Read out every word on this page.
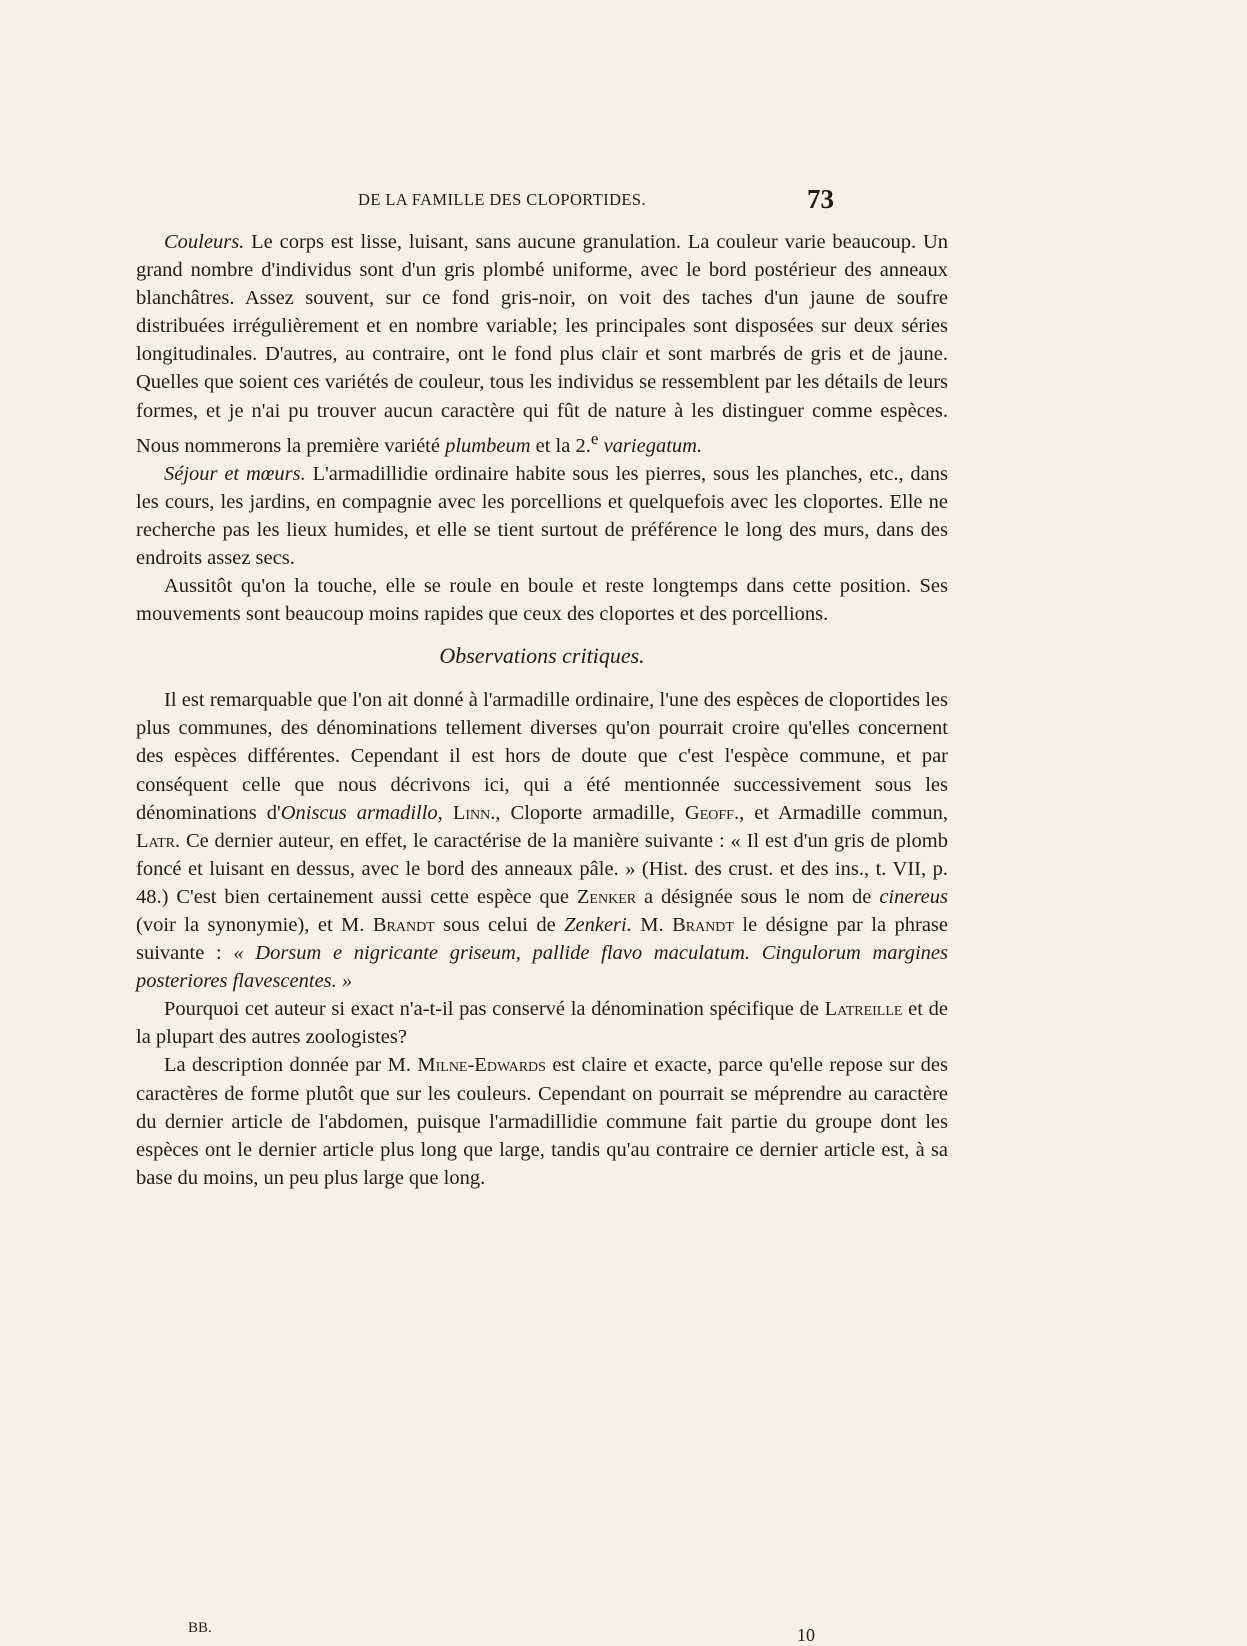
DE LA FAMILLE DES CLOPORTIDES.	73

Couleurs. Le corps est lisse, luisant, sans aucune granulation. La couleur varie beaucoup. Un grand nombre d'individus sont d'un gris plombé uniforme, avec le bord postérieur des anneaux blanchâtres. Assez souvent, sur ce fond gris-noir, on voit des taches d'un jaune de soufre distribuées irrégulièrement et en nombre variable; les principales sont disposées sur deux séries longitudinales. D'autres, au contraire, ont le fond plus clair et sont marbrés de gris et de jaune. Quelles que soient ces variétés de couleur, tous les individus se ressemblent par les détails de leurs formes, et je n'ai pu trouver aucun caractère qui fût de nature à les distinguer comme espèces. Nous nommerons la première variété plumbeum et la 2.$^e$ variegatum.

Séjour et mœurs. L'armadillidie ordinaire habite sous les pierres, sous les planches, etc., dans les cours, les jardins, en compagnie avec les porcellions et quelquefois avec les cloportes. Elle ne recherche pas les lieux humides, et elle se tient surtout de préférence le long des murs, dans des endroits assez secs.

Aussitôt qu'on la touche, elle se roule en boule et reste longtemps dans cette position. Ses mouvements sont beaucoup moins rapides que ceux des cloportes et des porcellions.

Observations critiques.

Il est remarquable que l'on ait donné à l'armadille ordinaire, l'une des espèces de cloportides les plus communes, des dénominations tellement diverses qu'on pourrait croire qu'elles concernent des espèces différentes. Cependant il est hors de doute que c'est l'espèce commune, et par conséquent celle que nous décrivons ici, qui a été mentionnée successivement sous les dénominations d'Oniscus armadillo, Linn., Cloporte armadille, Geoff., et Armadille commun, Latr. Ce dernier auteur, en effet, le caractérise de la manière suivante : « Il est d'un gris de plomb foncé et luisant en dessus, avec le bord des anneaux pâle. » (Hist. des crust. et des ins., t. VII, p. 48.) C'est bien certainement aussi cette espèce que Zenker a désignée sous le nom de cinereus (voir la synonymie), et M. Brandt sous celui de Zenkeri. M. Brandt le désigne par la phrase suivante : « Dorsum e nigricante griseum, pallide flavo maculatum. Cingulorum margines posteriores flavescentes. »

Pourquoi cet auteur si exact n'a-t-il pas conservé la dénomination spécifique de Latreille et de la plupart des autres zoologistes?

La description donnée par M. Milne-Edwards est claire et exacte, parce qu'elle repose sur des caractères de forme plutôt que sur les couleurs. Cependant on pourrait se méprendre au caractère du dernier article de l'abdomen, puisque l'armadillidie commune fait partie du groupe dont les espèces ont le dernier article plus long que large, tandis qu'au contraire ce dernier article est, à sa base du moins, un peu plus large que long.

BB.	10
